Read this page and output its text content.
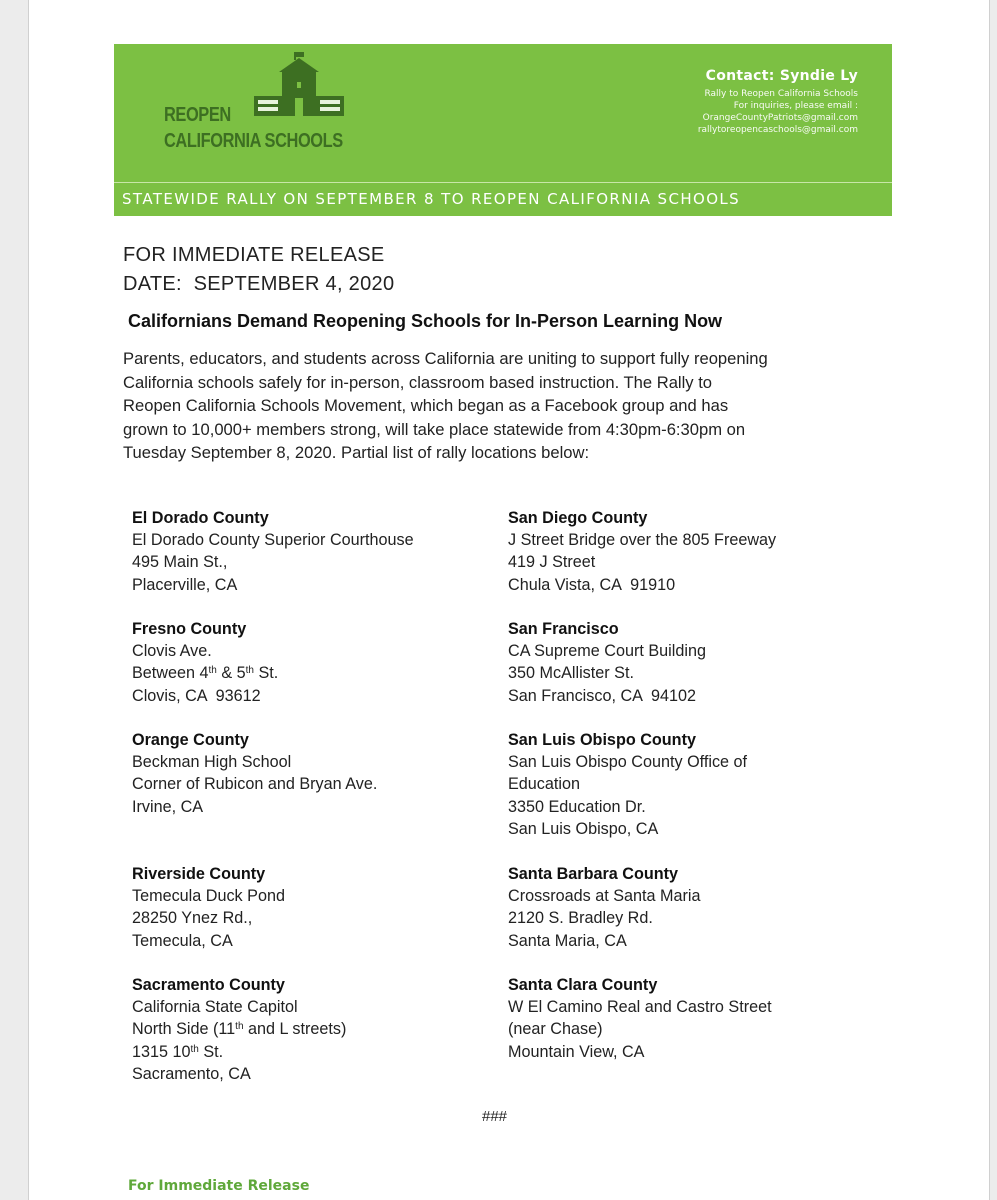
REOPEN
CALIFORNIA SCHOOLS
Contact: Syndie Ly
Rally to Reopen California Schools
For inquiries, please email :
OrangeCountyPatriots@gmail.com
rallytoreopencaschools@gmail.com
STATEWIDE RALLY ON SEPTEMBER 8 TO REOPEN CALIFORNIA SCHOOLS
FOR IMMEDIATE RELEASE
DATE:  SEPTEMBER 4, 2020
Californians Demand Reopening Schools for In-Person Learning Now
Parents, educators, and students across California are uniting to support fully reopening
California schools safely for in-person, classroom based instruction. The Rally to
Reopen California Schools Movement, which began as a Facebook group and has
grown to 10,000+ members strong, will take place statewide from 4:30pm-6:30pm on
Tuesday September 8, 2020. Partial list of rally locations below:
El Dorado County
El Dorado County Superior Courthouse
495 Main St.,
Placerville, CA
Fresno County
Clovis Ave.
Between 4th & 5th St.
Clovis, CA  93612
Orange County
Beckman High School
Corner of Rubicon and Bryan Ave.
Irvine, CA
Riverside County
Temecula Duck Pond
28250 Ynez Rd.,
Temecula, CA
Sacramento County
California State Capitol
North Side (11th and L streets)
1315 10th St.
Sacramento, CA
San Diego County
J Street Bridge over the 805 Freeway
419 J Street
Chula Vista, CA  91910
San Francisco
CA Supreme Court Building
350 McAllister St.
San Francisco, CA  94102
San Luis Obispo County
San Luis Obispo County Office of
Education
3350 Education Dr.
San Luis Obispo, CA
Santa Barbara County
Crossroads at Santa Maria
2120 S. Bradley Rd.
Santa Maria, CA
Santa Clara County
W El Camino Real and Castro Street
(near Chase)
Mountain View, CA
###
For Immediate Release
